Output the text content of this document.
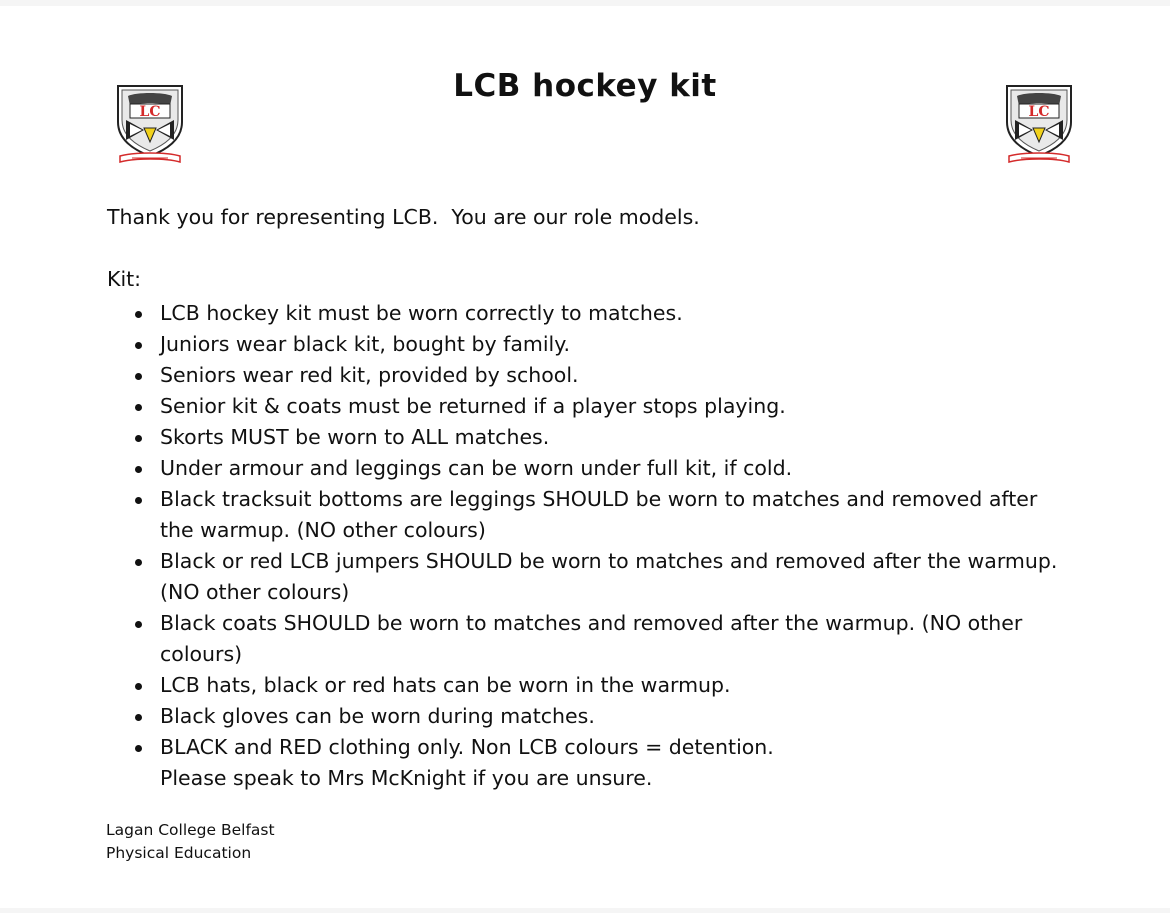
LC	LC
LCB hockey kit
Thank you for representing LCB.  You are our role models.
Kit:
LCB hockey kit must be worn correctly to matches.
Juniors wear black kit, bought by family.
Seniors wear red kit, provided by school.
Senior kit & coats must be returned if a player stops playing.
Skorts MUST be worn to ALL matches.
Under armour and leggings can be worn under full kit, if cold.
Black tracksuit bottoms are leggings SHOULD be worn to matches and removed after
the warmup. (NO other colours)
Black or red LCB jumpers SHOULD be worn to matches and removed after the warmup.
(NO other colours)
Black coats SHOULD be worn to matches and removed after the warmup. (NO other
colours)
LCB hats, black or red hats can be worn in the warmup.
Black gloves can be worn during matches.
BLACK and RED clothing only. Non LCB colours = detention.
Please speak to Mrs McKnight if you are unsure.
Lagan College Belfast
Physical Education
